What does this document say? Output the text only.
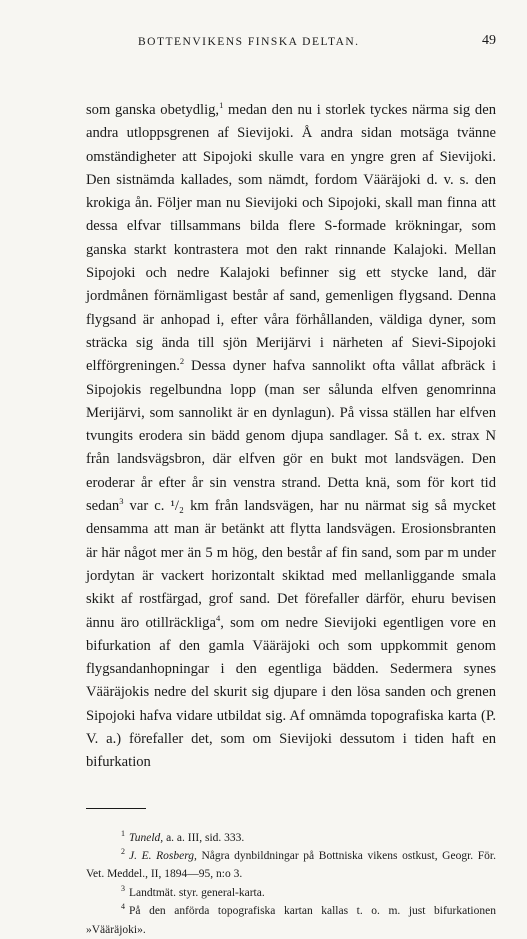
BOTTENVIKENS FINSKA DELTAN.	49

som ganska obetydlig,$^1$ medan den nu i storlek tyckes närma sig den andra utloppsgrenen af Sievijoki. Å andra sidan motsäga tvänne omständigheter att Sipojoki skulle vara en yngre gren af Sievijoki. Den sistnämda kallades, som nämdt, fordom Vääräjoki d. v. s. den krokiga ån. Följer man nu Sievijoki och Sipojoki, skall man finna att dessa elfvar tillsammans bilda flere S-formade krökningar, som ganska starkt kontrastera mot den rakt rinnande Kalajoki. Mellan Sipojoki och nedre Kalajoki befinner sig ett stycke land, där jordmånen förnämligast består af sand, gemenligen flygsand. Denna flygsand är anhopad i, efter våra förhållanden, väldiga dyner, som sträcka sig ända till sjön Merijärvi i närheten af Sievi-Sipojoki elfförgreningen.$^2$ Dessa dyner hafva sannolikt ofta vållat afbräck i Sipojokis regelbundna lopp (man ser sålunda elfven genomrinna Merijärvi, som sannolikt är en dynlagun). På vissa ställen har elfven tvungits erodera sin bädd genom djupa sandlager. Så t. ex. strax N från landsvägsbron, där elfven gör en bukt mot landsvägen. Den eroderar år efter år sin venstra strand. Detta knä, som för kort tid sedan$^3$ var c. ¹/₂ km från landsvägen, har nu närmat sig så mycket densamma att man är betänkt att flytta landsvägen. Erosionsbranten är här något mer än 5 m hög, den består af fin sand, som par m under jordytan är vackert horizontalt skiktad med mellanliggande smala skikt af rostfärgad, grof sand. Det förefaller därför, ehuru bevisen ännu äro otillräckliga$^4$, som om nedre Sievijoki egentligen vore en bifurkation af den gamla Vääräjoki och som uppkommit genom flygsandanhopningar i den egentliga bädden. Sedermera synes Vääräjokis nedre del skurit sig djupare i den lösa sanden och grenen Sipojoki hafva vidare utbildat sig. Af omnämda topografiska karta (P. V. a.) förefaller det, som om Sievijoki dessutom i tiden haft en bifurkation

$^1$ Tuneld, a. a. III, sid. 333.
$^2$ J. E. Rosberg, Några dynbildningar på Bottniska vikens ostkust, Geogr. För. Vet. Meddel., II, 1894—95, n:o 3.
$^3$ Landtmät. styr. general-karta.
$^4$ På den anförda topografiska kartan kallas t. o. m. just bifurkationen »Vääräjoki».
